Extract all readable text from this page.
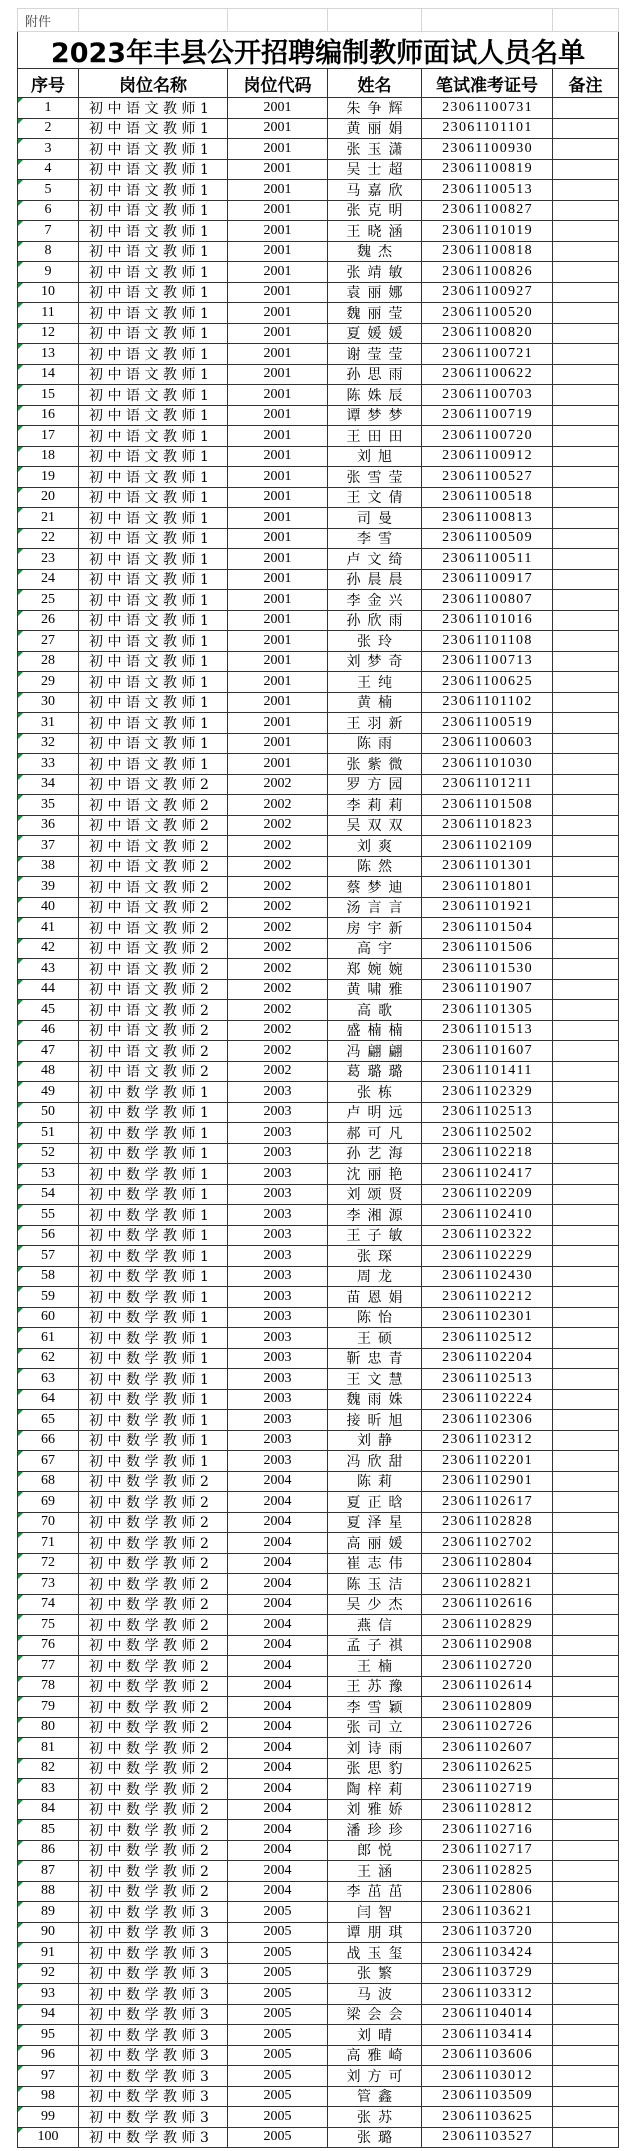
附件
2023年丰县公开招聘编制教师面试人员名单
序号	岗位名称	岗位代码	姓名	笔试准考证号	备注
1	初中语文教师1	2001	朱争辉 23061100731
2	初中语文教师1	2001	黄丽娟 23061101101
3	初中语文教师1	2001	张玉潇 23061100930
4	初中语文教师1	2001	吴士超 23061100819
5	初中语文教师1	2001	马嘉欣 23061100513
6	初中语文教师1	2001	张克明 23061100827
7	初中语文教师1	2001	王晓涵 23061101019
8	初中语文教师1	2001	魏杰	23061100818
9	初中语文教师1	2001	张靖敏 23061100826
10 初中语文教师1	2001	袁丽娜 23061100927
11 初中语文教师1	2001	魏丽莹 23061100520
12 初中语文教师1	2001	夏媛媛 23061100820
13 初中语文教师1	2001	谢莹莹 23061100721
14 初中语文教师1	2001	孙思雨 23061100622
15 初中语文教师1	2001	陈姝辰 23061100703
16 初中语文教师1	2001	谭梦梦 23061100719
17 初中语文教师1	2001	王田田 23061100720
18 初中语文教师1	2001	刘旭	23061100912
19 初中语文教师1	2001	张雪莹 23061100527
20 初中语文教师1	2001	王文倩 23061100518
21 初中语文教师1	2001	司曼	23061100813
22 初中语文教师1	2001	李雪	23061100509
23 初中语文教师1	2001	卢文绮 23061100511
24 初中语文教师1	2001	孙晨晨 23061100917
25 初中语文教师1	2001	李金兴 23061100807
26 初中语文教师1	2001	孙欣雨 23061101016
27 初中语文教师1	2001	张玲	23061101108
28 初中语文教师1	2001	刘梦奇 23061100713
29 初中语文教师1	2001	王纯	23061100625
30 初中语文教师1	2001	黄楠	23061101102
31 初中语文教师1	2001	王羽新 23061100519
32 初中语文教师1	2001	陈雨	23061100603
33 初中语文教师1	2001	张紫微 23061101030
34 初中语文教师2	2002	罗方园 23061101211
35 初中语文教师2	2002	李莉莉 23061101508
36 初中语文教师2	2002	吴双双 23061101823
37 初中语文教师2	2002	刘爽	23061102109
38 初中语文教师2	2002	陈然	23061101301
39 初中语文教师2	2002	蔡梦迪 23061101801
40 初中语文教师2	2002	汤言言 23061101921
41 初中语文教师2	2002	房宇新 23061101504
42 初中语文教师2	2002	高宇	23061101506
43 初中语文教师2	2002	郑婉婉 23061101530
44 初中语文教师2	2002	黄啸雅 23061101907
45 初中语文教师2	2002	高歌	23061101305
46 初中语文教师2	2002	盛楠楠 23061101513
47 初中语文教师2	2002	冯翩翩 23061101607
48 初中语文教师2	2002	葛璐璐 23061101411
49 初中数学教师1	2003	张栋	23061102329
50 初中数学教师1	2003	卢明远 23061102513
51 初中数学教师1	2003	郝可凡 23061102502
52 初中数学教师1	2003	孙艺海 23061102218
53 初中数学教师1	2003	沈丽艳 23061102417
54 初中数学教师1	2003	刘颂贤 23061102209
55 初中数学教师1	2003	李湘源 23061102410
56 初中数学教师1	2003	王子敏 23061102322
57 初中数学教师1	2003	张琛	23061102229
58 初中数学教师1	2003	周龙	23061102430
59 初中数学教师1	2003	苗恩娟 23061102212
60 初中数学教师1	2003	陈怡	23061102301
61 初中数学教师1	2003	王硕	23061102512
62 初中数学教师1	2003	靳忠青 23061102204
63 初中数学教师1	2003	王文慧 23061102513
64 初中数学教师1	2003	魏雨姝 23061102224
65 初中数学教师1	2003	接昕旭 23061102306
66 初中数学教师1	2003	刘静	23061102312
67 初中数学教师1	2003	冯欣甜 23061102201
68 初中数学教师2	2004	陈莉	23061102901
69 初中数学教师2	2004	夏正晗 23061102617
70 初中数学教师2	2004	夏泽星 23061102828
71 初中数学教师2	2004	高丽媛 23061102702
72 初中数学教师2	2004	崔志伟 23061102804
73 初中数学教师2	2004	陈玉洁 23061102821
74 初中数学教师2	2004	吴少杰 23061102616
75 初中数学教师2	2004	燕信	23061102829
76 初中数学教师2	2004	孟子祺 23061102908
77 初中数学教师2	2004	王楠	23061102720
78 初中数学教师2	2004	王苏豫 23061102614
79 初中数学教师2	2004	李雪颖 23061102809
80 初中数学教师2	2004	张司立 23061102726
81 初中数学教师2	2004	刘诗雨 23061102607
82 初中数学教师2	2004	张思豹 23061102625
83 初中数学教师2	2004	陶梓莉 23061102719
84 初中数学教师2	2004	刘雅娇 23061102812
85 初中数学教师2	2004	潘珍珍 23061102716
86 初中数学教师2	2004	郎悦	23061102717
87 初中数学教师2	2004	王涵	23061102825
88 初中数学教师2	2004	李茁茁 23061102806
89 初中数学教师3	2005	闫智	23061103621
90 初中数学教师3	2005	谭朋琪 23061103720
91 初中数学教师3	2005	战玉玺 23061103424
92 初中数学教师3	2005	张繁	23061103729
93 初中数学教师3	2005	马波	23061103312
94 初中数学教师3	2005	梁会会 23061104014
95 初中数学教师3	2005	刘晴	23061103414
96 初中数学教师3	2005	高雅崎 23061103606
97 初中数学教师3	2005	刘方可 23061103012
98 初中数学教师3	2005	管鑫	23061103509
99 初中数学教师3	2005	张苏	23061103625
100 初中数学教师3	2005	张璐	23061103527
